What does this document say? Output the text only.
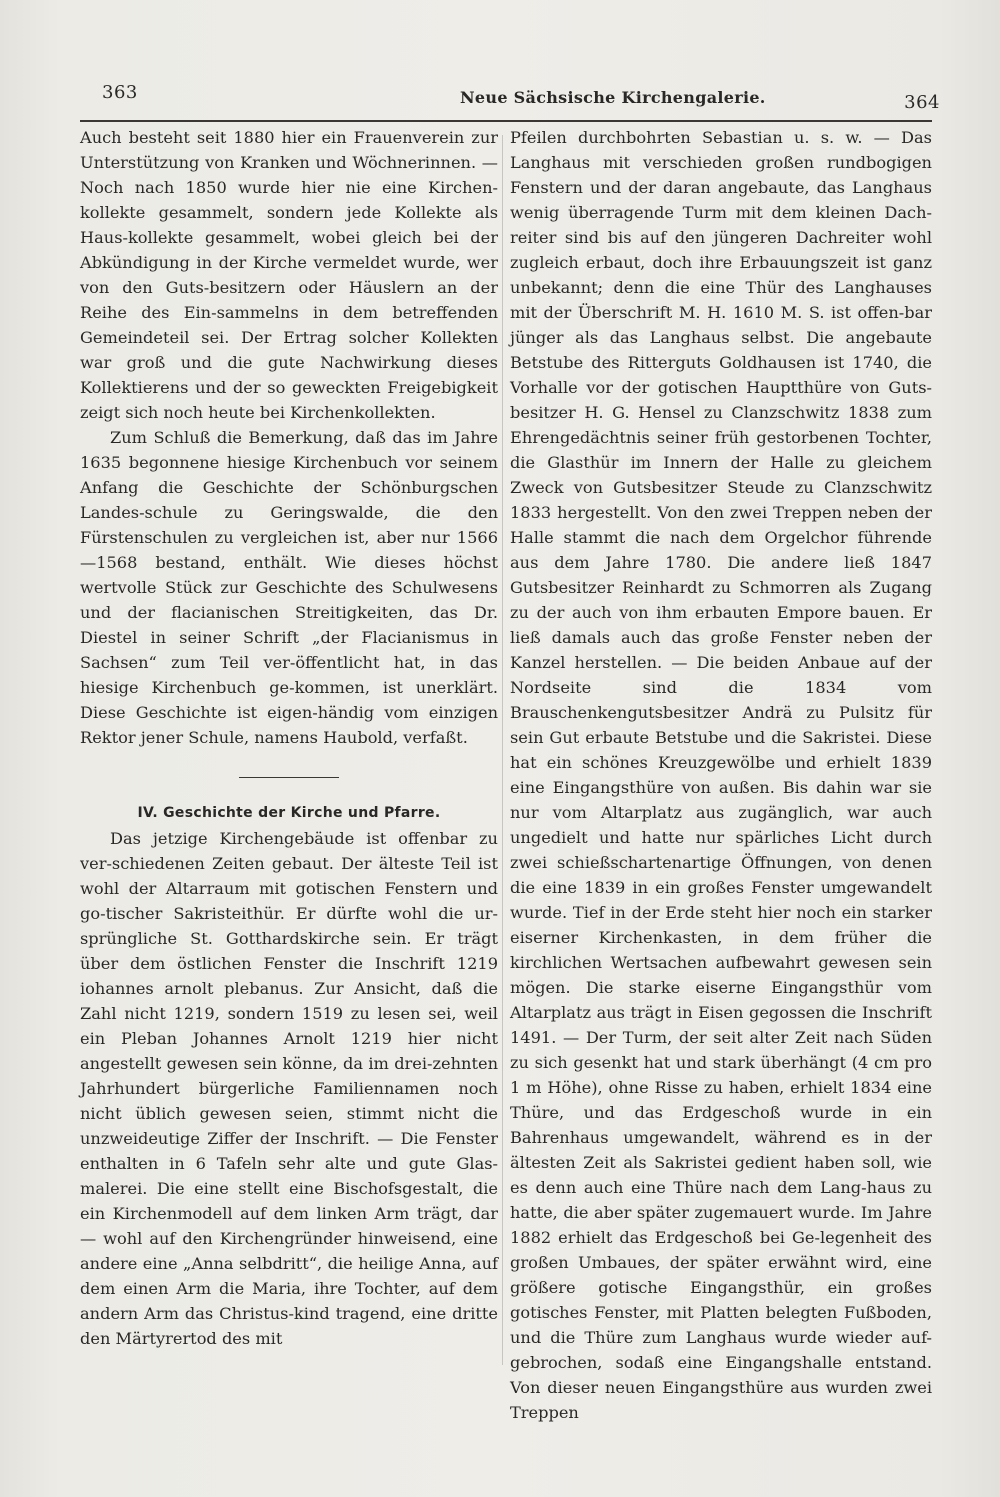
363	Neue Sächsische Kirchengalerie.	364

Auch besteht seit 1880 hier ein Frauenverein zur Unterstützung von Kranken und Wöchnerinnen. — Noch nach 1850 wurde hier nie eine Kirchen-kollekte gesammelt, sondern jede Kollekte als Haus-kollekte gesammelt, wobei gleich bei der Abkündigung in der Kirche vermeldet wurde, wer von den Guts-besitzern oder Häuslern an der Reihe des Ein-sammelns in dem betreffenden Gemeindeteil sei. Der Ertrag solcher Kollekten war groß und die gute Nachwirkung dieses Kollektierens und der so geweckten Freigebigkeit zeigt sich noch heute bei Kirchenkollekten.

Zum Schluß die Bemerkung, daß das im Jahre 1635 begonnene hiesige Kirchenbuch vor seinem Anfang die Geschichte der Schönburgschen Landes-schule zu Geringswalde, die den Fürstenschulen zu vergleichen ist, aber nur 1566—1568 bestand, enthält. Wie dieses höchst wertvolle Stück zur Geschichte des Schulwesens und der flacianischen Streitigkeiten, das Dr. Diestel in seiner Schrift „der Flacianismus in Sachsen“ zum Teil ver-öffentlicht hat, in das hiesige Kirchenbuch ge-kommen, ist unerklärt. Diese Geschichte ist eigen-händig vom einzigen Rektor jener Schule, namens Haubold, verfaßt.

IV. Geschichte der Kirche und Pfarre.

Das jetzige Kirchengebäude ist offenbar zu ver-schiedenen Zeiten gebaut. Der älteste Teil ist wohl der Altarraum mit gotischen Fenstern und go-tischer Sakristeithür. Er dürfte wohl die ur-sprüngliche St. Gotthardskirche sein. Er trägt über dem östlichen Fenster die Inschrift 1219 iohannes arnolt plebanus. Zur Ansicht, daß die Zahl nicht 1219, sondern 1519 zu lesen sei, weil ein Pleban Johannes Arnolt 1219 hier nicht angestellt gewesen sein könne, da im drei-zehnten Jahrhundert bürgerliche Familiennamen noch nicht üblich gewesen seien, stimmt nicht die unzweideutige Ziffer der Inschrift. — Die Fenster enthalten in 6 Tafeln sehr alte und gute Glas-malerei. Die eine stellt eine Bischofsgestalt, die ein Kirchenmodell auf dem linken Arm trägt, dar — wohl auf den Kirchengründer hinweisend, eine andere eine „Anna selbdritt“, die heilige Anna, auf dem einen Arm die Maria, ihre Tochter, auf dem andern Arm das Christus-kind tragend, eine dritte den Märtyrertod des mit

Pfeilen durchbohrten Sebastian u. s. w. — Das Langhaus mit verschieden großen rundbogigen Fenstern und der daran angebaute, das Langhaus wenig überragende Turm mit dem kleinen Dach-reiter sind bis auf den jüngeren Dachreiter wohl zugleich erbaut, doch ihre Erbauungszeit ist ganz unbekannt; denn die eine Thür des Langhauses mit der Überschrift M. H. 1610 M. S. ist offen-bar jünger als das Langhaus selbst. Die angebaute Betstube des Ritterguts Goldhausen ist 1740, die Vorhalle vor der gotischen Hauptthüre von Guts-besitzer H. G. Hensel zu Clanzschwitz 1838 zum Ehrengedächtnis seiner früh gestorbenen Tochter, die Glasthür im Innern der Halle zu gleichem Zweck von Gutsbesitzer Steude zu Clanzschwitz 1833 hergestellt. Von den zwei Treppen neben der Halle stammt die nach dem Orgelchor führende aus dem Jahre 1780. Die andere ließ 1847 Gutsbesitzer Reinhardt zu Schmorren als Zugang zu der auch von ihm erbauten Empore bauen. Er ließ damals auch das große Fenster neben der Kanzel herstellen. — Die beiden Anbaue auf der Nordseite sind die 1834 vom Brauschenkengutsbesitzer Andrä zu Pulsitz für sein Gut erbaute Betstube und die Sakristei. Diese hat ein schönes Kreuzgewölbe und erhielt 1839 eine Eingangsthüre von außen. Bis dahin war sie nur vom Altarplatz aus zugänglich, war auch ungedielt und hatte nur spärliches Licht durch zwei schießschartenartige Öffnungen, von denen die eine 1839 in ein großes Fenster umgewandelt wurde. Tief in der Erde steht hier noch ein starker eiserner Kirchenkasten, in dem früher die kirchlichen Wertsachen aufbewahrt gewesen sein mögen. Die starke eiserne Eingangsthür vom Altarplatz aus trägt in Eisen gegossen die Inschrift 1491. — Der Turm, der seit alter Zeit nach Süden zu sich gesenkt hat und stark überhängt (4 cm pro 1 m Höhe), ohne Risse zu haben, erhielt 1834 eine Thüre, und das Erdgeschoß wurde in ein Bahrenhaus umgewandelt, während es in der ältesten Zeit als Sakristei gedient haben soll, wie es denn auch eine Thüre nach dem Lang-haus zu hatte, die aber später zugemauert wurde. Im Jahre 1882 erhielt das Erdgeschoß bei Ge-legenheit des großen Umbaues, der später erwähnt wird, eine größere gotische Eingangsthür, ein großes gotisches Fenster, mit Platten belegten Fußboden, und die Thüre zum Langhaus wurde wieder auf-gebrochen, sodaß eine Eingangshalle entstand. Von dieser neuen Eingangsthüre aus wurden zwei Treppen
